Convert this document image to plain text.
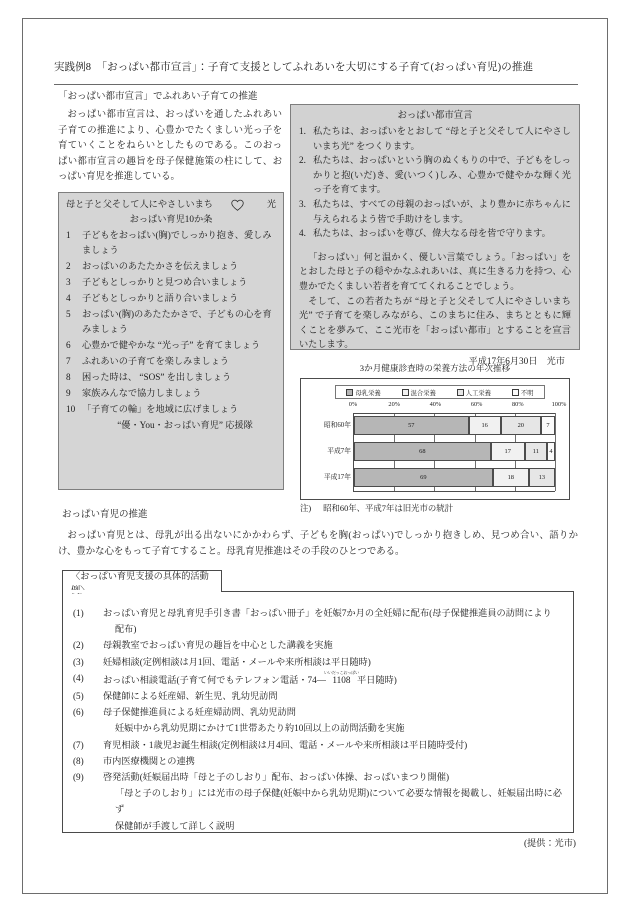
実践例8　「おっぱい都市宣言」：子育て支援としてふれあいを大切にする子育て(おっぱい育児)の推進
「おっぱい都市宣言」でふれあい子育ての推進
おっぱい都市宣言は、おっぱいを通したふれあい子育ての推進により、心豊かでたくましい光っ子を育ていくことをねらいとしたものである。このおっぱい都市宣言の趣旨を母子保健施策の柱にして、おっぱい育児を推進している。
母と子と父そして人にやさしいまち	光
おっぱい育児10か条
1	子どもをおっぱい(胸)でしっかり抱き、愛しみましょう
2	おっぱいのあたたかさを伝えましょう
3	子どもとしっかりと見つめ合いましょう
4	子どもとしっかりと語り合いましょう
5	おっぱい(胸)のあたたかさで、子どもの心を育みましょう
6	心豊かで健やかな “光っ子” を育てましょう
7	ふれあいの子育てを楽しみましょう
8	困った時は、 “SOS” を出しましょう
9	家族みんなで協力しましょう
10 「子育ての輪」を地域に広げましょう
“優・You・おっぱい育児” 応援隊
おっぱい都市宣言
1. 私たちは、おっぱいをとおして “母と子と父そして人にやさしいまち光” をつくります。
2. 私たちは、おっぱいという胸のぬくもりの中で、子どもをしっかりと抱(いだ)き、愛(いつく)しみ、心豊かで健やかな輝く光っ子を育てます。
3. 私たちは、すべての母親のおっぱいが、より豊かに赤ちゃんに与えられるよう皆で手助けをします。
4. 私たちは、おっぱいを尊び、偉大なる母を皆で守ります。
「おっぱい」何と温かく、優しい言葉でしょう。「おっぱい」をとおした母と子の穏やかなふれあいは、真に生きる力を持つ、心豊かでたくましい若者を育ててくれることでしょう。
そして、この若者たちが “母と子と父そして人にやさしいまち光” で子育てを楽しみながら、このまちに住み、まちとともに輝くことを夢みて、ここ光市を「おっぱい都市」とすることを宣言いたします。
平成17年6月30日　光市
3か月健康診査時の栄養方法の年次推移
母乳栄養	混合栄養	人工栄養	不明
0%	20%	40%	60%	80%	100%
57	16	20	7
68	17	11 4
69	18	13
昭和60年
平成7年
平成17年
注) 昭和60年、平成7年は旧光市の統計
おっぱい育児の推進
おっぱい育児とは、母乳が出る出ないにかかわらず、子どもを胸(おっぱい)でしっかり抱きしめ、見つめ合い、語りかけ、豊かな心をもって子育てすること。母乳育児推進はその手段のひとつである。
〈おっぱい育児支援の具体的活動
(1)	おっぱい育児と母乳育児手引き書「おっぱい冊子」を妊娠7か月の全妊婦に配布(母子保健推進員の訪問により
配布)
(2)	母親教室でおっぱい育児の趣旨を中心とした講義を実施
(3)	妊婦相談(定例相談は月1回、電話・メールや来所相談は平日随時)
(4)	おっぱい相談電話(子育て何でもテレフォン電話・74―1108いいだっこおっぱい平日随時)
(5)	保健師による妊産婦、新生児、乳幼児訪問
(6)	母子保健推進員による妊産婦訪問、乳幼児訪問
妊娠中から乳幼児期にかけて1世帯あたり約10回以上の訪問活動を実施
(7)	育児相談・1歳児お誕生相談(定例相談は月4回、電話・メールや来所相談は平日随時受付)
(8)	市内医療機関との連携
(9)	啓発活動(妊娠届出時「母と子のしおり」配布、おっぱい体操、おっぱいまつり開催)
「母と子のしおり」には光市の母子保健(妊娠中から乳幼児期)について必要な情報を掲載し、妊娠届出時に必ず
保健師が手渡して詳しく説明
(提供：光市)
